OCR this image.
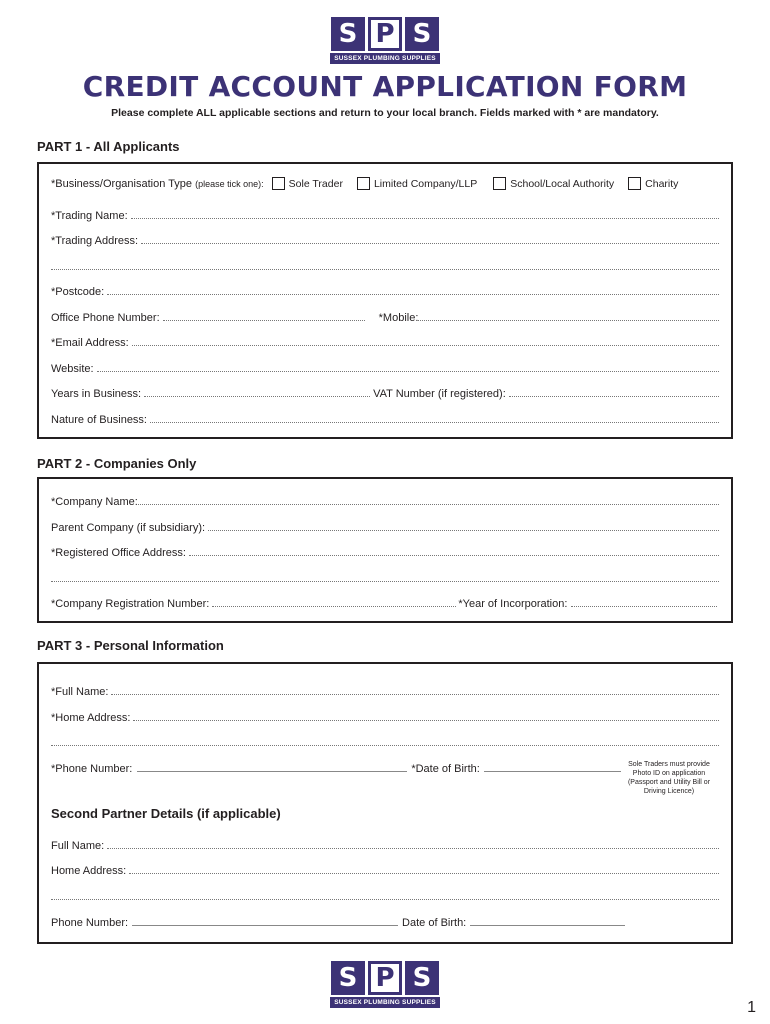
S P S
SUSSEX PLUMBING SUPPLIES
CREDIT ACCOUNT APPLICATION FORM
Please complete ALL applicable sections and return to your local branch. Fields marked with * are mandatory.
PART 1 - All Applicants
*Business/Organisation Type (please tick one): Sole Trader	Limited Company/LLP	School/Local Authority	Charity
*Trading Name:
*Trading Address:
*Postcode:
Office Phone Number:	*Mobile:
*Email Address:
Website:
Years in Business:	VAT Number (if registered):
Nature of Business:
PART 2 - Companies Only
*Company Name:
Parent Company (if subsidiary):
*Registered Office Address:
*Company Registration Number:	*Year of Incorporation:
PART 3 - Personal Information
*Full Name:
*Home Address:
*Phone Number:	*Date of Birth:	Sole Traders must provide Photo ID on application (Passport and Utility Bill or Driving Licence)
Second Partner Details (if applicable)
Full Name:
Home Address:
Phone Number:	Date of Birth:
S P S
SUSSEX PLUMBING SUPPLIES	1
